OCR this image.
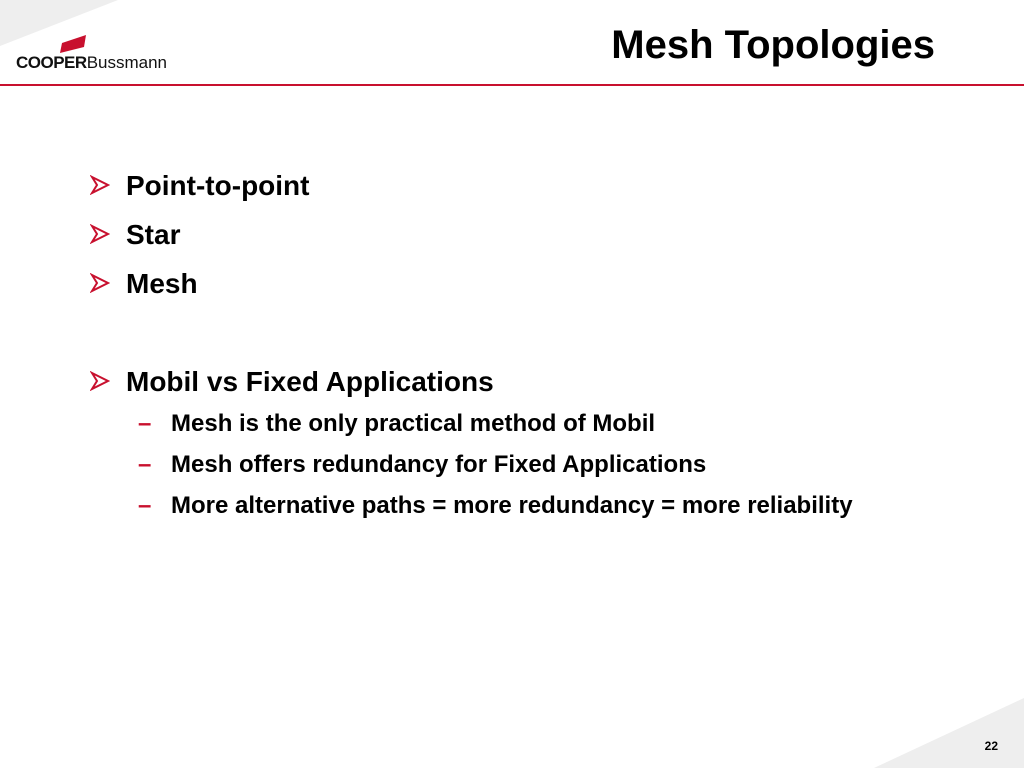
COOPERBussmann	Mesh Topologies
Point-to-point
Star
Mesh
Mobil vs Fixed Applications
– Mesh is the only practical method of Mobil
– Mesh offers redundancy for Fixed Applications
– More alternative paths = more redundancy = more reliability
22
